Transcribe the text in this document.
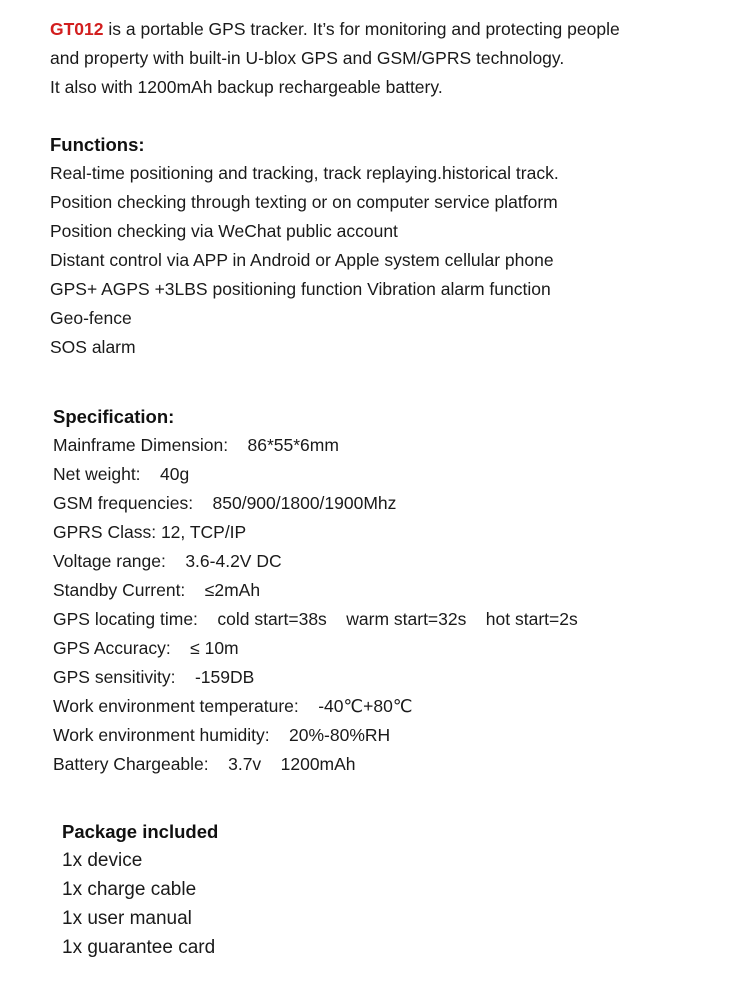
GT012 is a portable GPS tracker. It’s for monitoring and protecting people
and property with built-in U-blox GPS and GSM/GPRS technology.
It also with 1200mAh backup rechargeable battery.
Functions:
Real-time positioning and tracking, track replaying.historical track.
Position checking through texting or on computer service platform
Position checking via WeChat public account
Distant control via APP in Android or Apple system cellular phone
GPS+ AGPS +3LBS positioning function Vibration alarm function
Geo-fence
SOS alarm
Specification:
Mainframe Dimension:    86*55*6mm
Net weight:    40g
GSM frequencies:    850/900/1800/1900Mhz
GPRS Class: 12, TCP/IP
Voltage range:    3.6-4.2V DC
Standby Current:    ≤2mAh
GPS locating time:    cold start=38s    warm start=32s    hot start=2s
GPS Accuracy:    ≤ 10m
GPS sensitivity:    -159DB
Work environment temperature:    -40℃+80℃
Work environment humidity:    20%-80%RH
Battery Chargeable:    3.7v    1200mAh
Package included
1x device
1x charge cable
1x user manual
1x guarantee card
